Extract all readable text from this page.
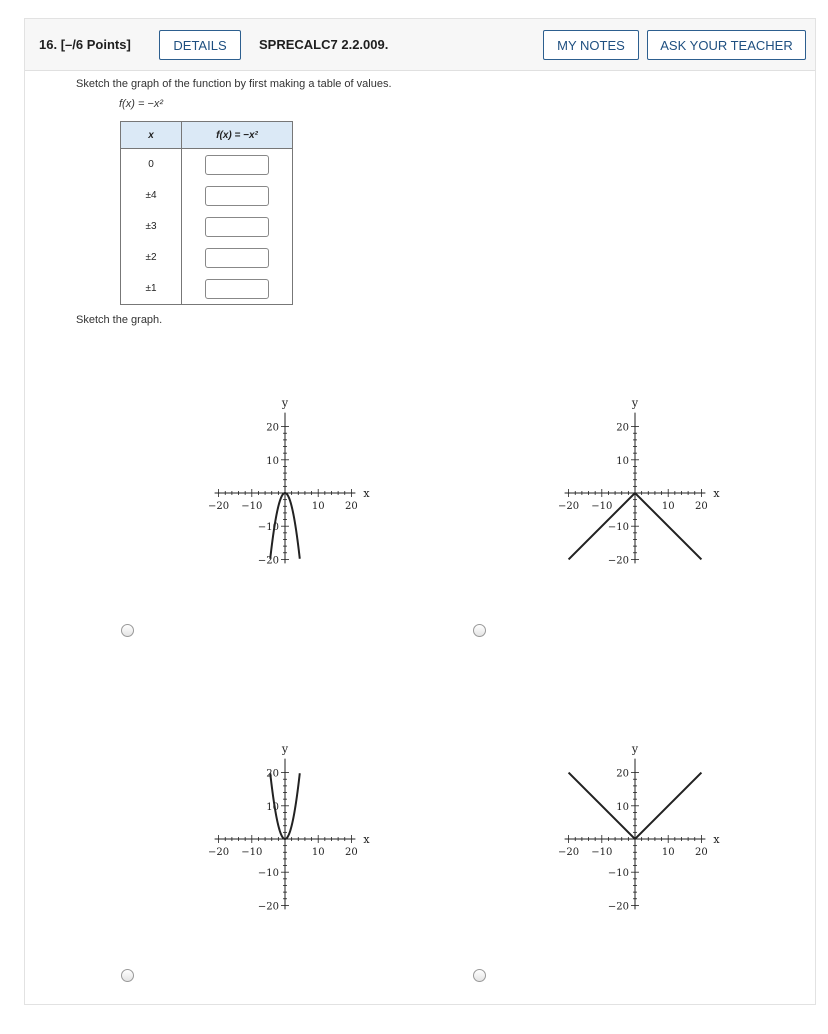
16. [–/6 Points]	DETAILS	SPRECALC7 2.2.009.	MY NOTES	ASK YOUR TEACHER
Sketch the graph of the function by first making a table of values.
f(x) = −x²
x	f(x) = −x²
0	
±4	
±3	
±2	
±1	
Sketch the graph.
−20 −10	10 20
20
10
−10
−20
x
y
−20 −10	10 20
20
10
−10
−20
x
y
−20 −10	10 20
20
10
−10
−20
x
y
−20 −10	10 20
20
10
−10
−20
x
y
